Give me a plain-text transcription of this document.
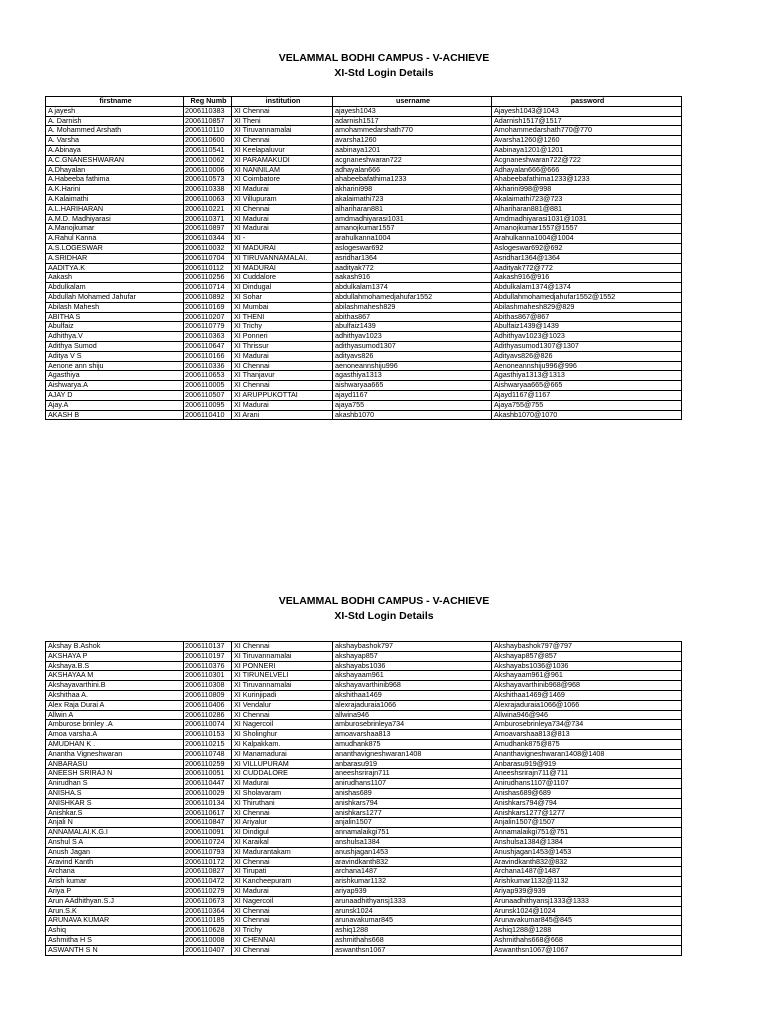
VELAMMAL BODHI CAMPUS - V-ACHIEVE

XI-Std Login Details

firstname	Reg Numb	institution	username	password
A jayesh	2006110383	XI Chennai	ajayesh1043	Ajayesh1043@1043
A. Darnish	2006110857	XI Theni	adarnish1517	Adarnish1517@1517
A. Mohammed Arshath	2006110110	XI Tiruvannamalai	amohammedarshath770	Amohammedarshath770@770
A. Varsha	2006110600	XI Chennai	avarsha1260	Avarsha1260@1260
A.Abinaya	2006110541	XI Keelapaluvur	aabinaya1201	Aabinaya1201@1201
A.C.GNANESHWARAN	2006110062	XI PARAMAKUDI	acgnaneshwaran722	Acgnaneshwaran722@722
A.Dhayalan	2006110006	XI NANNILAM	adhayalan666	Adhayalan666@666
A.Habeeba fathima	2006110573	XI Coimbatore	ahabeebafathima1233	Ahabeebafathima1233@1233
A.K.Harini	2006110338	XI Madurai	akharini998	Akharini998@998
A.Kalaimathi	2006110063	XI Villupuram	akalaimathi723	Akalaimathi723@723
A.L.HARIHARAN	2006110221	XI Chennai	alhariharan881	Alhariharan881@881
A.M.D. Madhiyarasi	2006110371	XI Madurai	amdmadhiyarasi1031	Amdmadhiyarasi1031@1031
A.Manojkumar	2006110897	XI Madurai	amanojkumar1557	Amanojkumar1557@1557
A.Rahul Kanna	2006110344	XI -	arahulkanna1004	Arahulkanna1004@1004
A.S.LOGESWAR	2006110032	XI MADURAI	aslogeswar692	Aslogeswar692@692
A.SRIDHAR	2006110704	XI TIRUVANNAMALAI.	asridhar1364	Asridhar1364@1364
AADITYA.K	2006110112	XI MADURAI	aadityak772	Aadityak772@772
Aakash	2006110256	XI Cuddalore	aakash916	Aakash916@916
Abdulkalam	2006110714	XI Dindugal	abdulkalam1374	Abdulkalam1374@1374
Abdullah Mohamed Jahufar	2006110892	XI Sohar	abdullahmohamedjahufar1552	Abdullahmohamedjahufar1552@1552
Abilash Mahesh	2006110169	XI Mumbai	abilashmahesh829	Abilashmahesh829@829
ABITHA S	2006110207	XI THENI	abithas867	Abithas867@867
Abulfaiz	2006110779	XI Trichy	abulfaiz1439	Abulfaiz1439@1439
Adhithya.V	2006110363	XI Ponneri	adhithyav1023	Adhithyav1023@1023
Adithya Sumod	2006110647	XI Thrissur	adithyasumod1307	Adithyasumod1307@1307
Aditya V S	2006110166	XI Madurai	adityavs826	Adityavs826@826
Aenone ann shiju	2006110336	XI Chennai	aenoneannshiju996	Aenoneannshiju996@996
Agasthiya	2006110653	XI Thanjavur	agasthiya1313	Agasthiya1313@1313
Aishwarya.A	2006110005	XI Chennai	aishwaryaa665	Aishwaryaa665@665
AJAY D	2006110507	XI ARUPPUKOTTAI	ajayd1167	Ajayd1167@1167
Ajay.A	2006110095	XI Madurai	ajaya755	Ajaya755@755
AKASH B	2006110410	XI Arani	akashb1070	Akashb1070@1070

VELAMMAL BODHI CAMPUS - V-ACHIEVE

XI-Std Login Details

Akshay B.Ashok	2006110137	XI Chennai	akshaybashok797	Akshaybashok797@797
AKSHAYA P	2006110197	XI Tiruvannamalai	akshayap857	Akshayap857@857
Akshaya.B.S	2006110376	XI PONNERI	akshayabs1036	Akshayabs1036@1036
AKSHAYAA M	2006110301	XI TIRUNELVELI	akshayaam961	Akshayaam961@961
Akshayavarthini.B	2006110308	XI Tiruvannamalai	akshayavarthinib968	Akshayavarthinib968@968
Akshithaa A.	2006110809	XI Kurinjipadi	akshithaa1469	Akshithaa1469@1469
Alex Raja Durai A	2006110406	XI Vendalur	alexrajaduraia1066	Alexrajaduraia1066@1066
Allwin A	2006110286	XI Chennai	allwina946	Allwina946@946
Amburose brinley .A	2006110074	XI Nagercoil	amburosebrinleya734	Amburosebrinleya734@734
Amoa varsha.A	2006110153	XI Sholinghur	amoavarshaa813	Amoavarshaa813@813
AMUDHAN K .	2006110215	XI Kalpakkam.	amudhank875	Amudhank875@875
Anantha Vigneshwaran	2006110748	XI Manamadurai	ananthavigneshwaran1408	Ananthavigneshwaran1408@1408
ANBARASU	2006110259	XI VILLUPURAM	anbarasu919	Anbarasu919@919
ANEESH SRIRAJ N	2006110051	XI CUDDALORE	aneeshsrirajn711	Aneeshsrirajn711@711
Anirudhan S	2006110447	XI Madurai	anirudhans1107	Anirudhans1107@1107
ANISHA.S	2006110029	XI Sholavaram	anishas689	Anishas689@689
ANISHKAR S	2006110134	XI Thiruthani	anishkars794	Anishkars794@794
Anishkar.S	2006110617	XI Chennai	anishkars1277	Anishkars1277@1277
Anjali N	2006110847	XI Ariyalur	anjalin1507	Anjalin1507@1507
ANNAMALAI.K.G.I	2006110091	XI Dindigul	annamalaikgi751	Annamalaikgi751@751
Anshul S A	2006110724	XI Karaikal	anshulsa1384	Anshulsa1384@1384
Anush Jagan	2006110793	XI Madurantakam	anushjagan1453	Anushjagan1453@1453
Aravind Kanth	2006110172	XI Chennai	aravindkanth832	Aravindkanth832@832
Archana	2006110827	XI Tirupati	archana1487	Archana1487@1487
Arish kumar	2006110472	XI Kancheepuram	arishkumar1132	Arishkumar1132@1132
Ariya P	2006110279	XI Madurai	ariyap939	Ariyap939@939
Arun AAdhithyan.S.J	2006110673	XI Nagercoil	arunaadhithyansj1333	Arunaadhithyansj1333@1333
Arun.S.K	2006110364	XI Chennai	arunsk1024	Arunsk1024@1024
ARUNAVA KUMAR	2006110185	XI Chennai	arunavakumar845	Arunavakumar845@845
Ashiq	2006110628	XI Trichy	ashiq1288	Ashiq1288@1288
Ashmitha H S	2006110008	XI CHENNAI	ashmithahs668	Ashmithahs668@668
ASWANTH S N	2006110407	XI Chennai	aswanthsn1067	Aswanthsn1067@1067
